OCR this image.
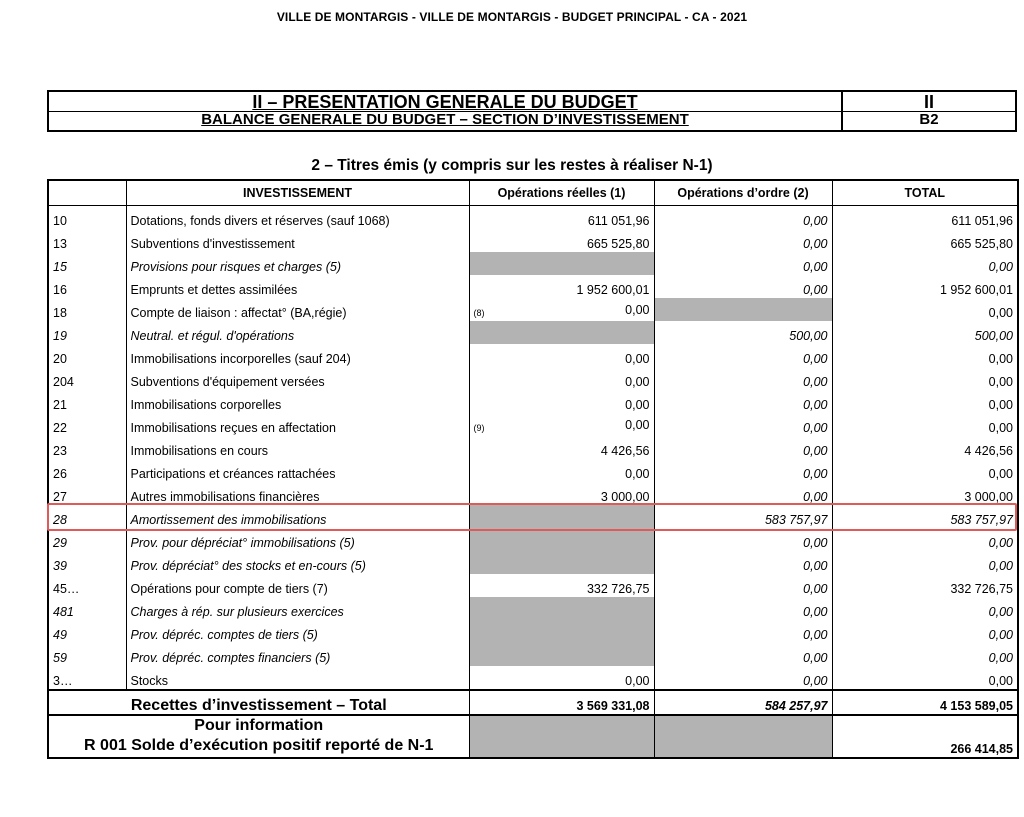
VILLE DE MONTARGIS - VILLE DE MONTARGIS - BUDGET PRINCIPAL - CA - 2021
II – PRESENTATION GENERALE DU BUDGET	II
BALANCE GENERALE DU BUDGET – SECTION D’INVESTISSEMENT	B2
2 – Titres émis (y compris sur les restes à réaliser N-1)
	INVESTISSEMENT	Opérations réelles (1)	Opérations d’ordre (2)	TOTAL
10	Dotations, fonds divers et réserves (sauf 1068)	611 051,96	0,00	611 051,96
13	Subventions d'investissement	665 525,80	0,00	665 525,80
15	Provisions pour risques et charges (5)		0,00	0,00
16	Emprunts et dettes assimilées	1 952 600,01	0,00	1 952 600,01
18	Compte de liaison : affectat° (BA,régie)	(8) 0,00		0,00
19	Neutral. et régul. d'opérations		500,00	500,00
20	Immobilisations incorporelles (sauf 204)	0,00	0,00	0,00
204	Subventions d'équipement versées	0,00	0,00	0,00
21	Immobilisations corporelles	0,00	0,00	0,00
22	Immobilisations reçues en affectation	(9) 0,00	0,00	0,00
23	Immobilisations en cours	4 426,56	0,00	4 426,56
26	Participations et créances rattachées	0,00	0,00	0,00
27	Autres immobilisations financières	3 000,00	0,00	3 000,00
28	Amortissement des immobilisations		583 757,97	583 757,97
29	Prov. pour dépréciat° immobilisations (5)		0,00	0,00
39	Prov. dépréciat° des stocks et en-cours (5)		0,00	0,00
45…	Opérations pour compte de tiers (7)	332 726,75	0,00	332 726,75
481	Charges à rép. sur plusieurs exercices		0,00	0,00
49	Prov. dépréc. comptes de tiers (5)		0,00	0,00
59	Prov. dépréc. comptes financiers (5)		0,00	0,00
3…	Stocks	0,00	0,00	0,00
Recettes d’investissement – Total		3 569 331,08	584 257,97	4 153 589,05

Pour information
R 001 Solde d’exécution positif reporté de N-1				266 414,85
